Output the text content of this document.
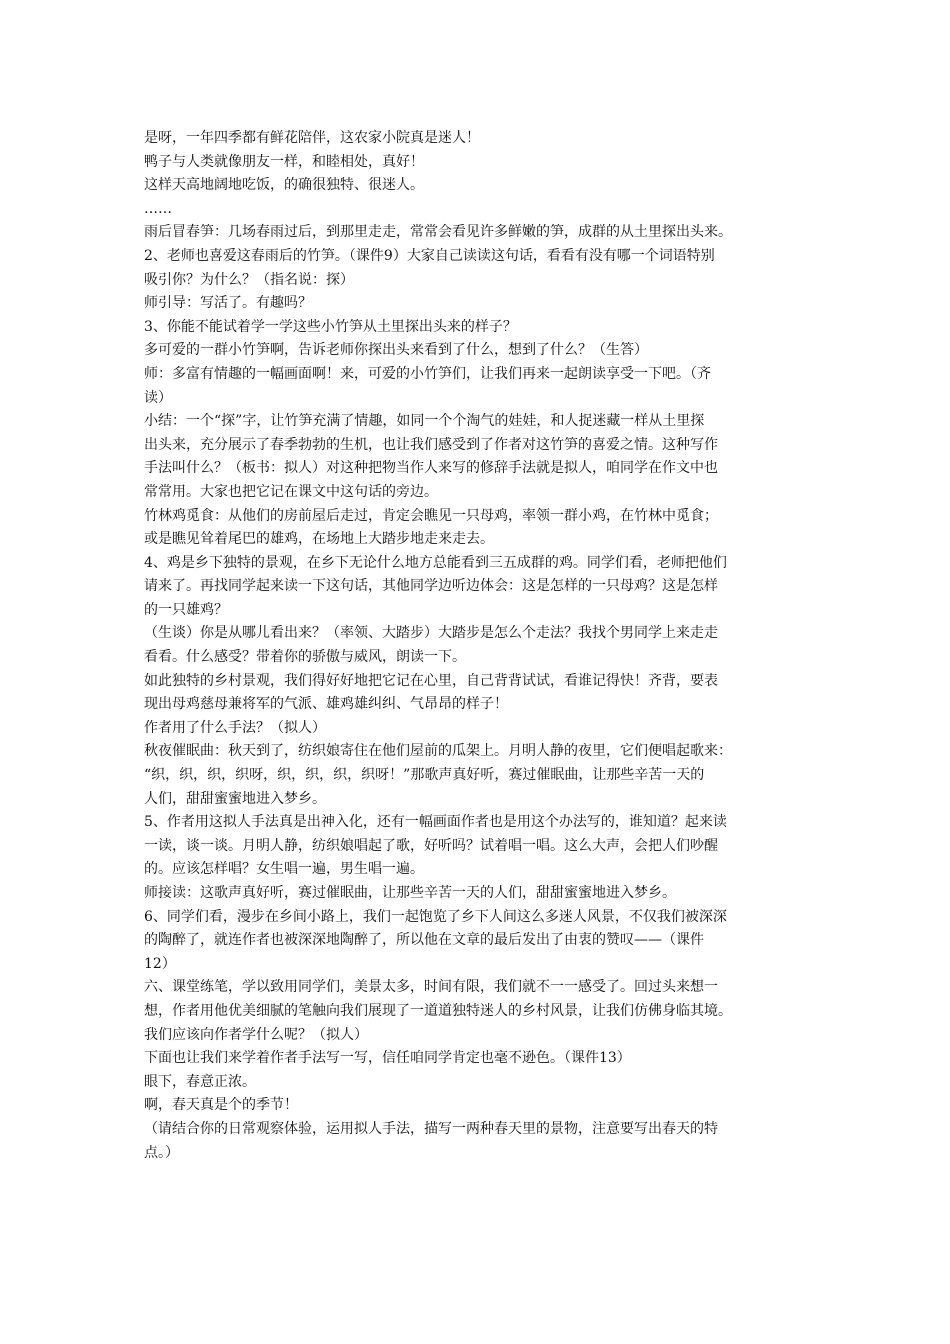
是呀，一年四季都有鲜花陪伴，这农家小院真是迷人！
鸭子与人类就像朋友一样，和睦相处，真好！
这样天高地阔地吃饭，的确很独特、很迷人。
……
雨后冒春笋：几场春雨过后，到那里走走，常常会看见许多鲜嫩的笋，成群的从土里探出头来。
2、老师也喜爱这春雨后的竹笋。（课件9）大家自己读读这句话，看看有没有哪一个词语特别
吸引你？为什么？（指名说：探）
师引导：写活了。有趣吗？
3、你能不能试着学一学这些小竹笋从土里探出头来的样子？
多可爱的一群小竹笋啊，告诉老师你探出头来看到了什么，想到了什么？（生答）
师：多富有情趣的一幅画面啊！来，可爱的小竹笋们，让我们再来一起朗读享受一下吧。（齐
读）
小结：一个“探”字，让竹笋充满了情趣，如同一个个淘气的娃娃，和人捉迷藏一样从土里探
出头来，充分展示了春季勃勃的生机，也让我们感受到了作者对这竹笋的喜爱之情。这种写作
手法叫什么？（板书：拟人）对这种把物当作人来写的修辞手法就是拟人，咱同学在作文中也
常常用。大家也把它记在课文中这句话的旁边。
竹林鸡觅食：从他们的房前屋后走过，肯定会瞧见一只母鸡，率领一群小鸡，在竹林中觅食；
或是瞧见耸着尾巴的雄鸡，在场地上大踏步地走来走去。
4、鸡是乡下独特的景观，在乡下无论什么地方总能看到三五成群的鸡。同学们看，老师把他们
请来了。再找同学起来读一下这句话，其他同学边听边体会：这是怎样的一只母鸡？这是怎样
的一只雄鸡？
（生谈）你是从哪儿看出来？（率领、大踏步）大踏步是怎么个走法？我找个男同学上来走走
看看。什么感受？带着你的骄傲与威风，朗读一下。
如此独特的乡村景观，我们得好好地把它记在心里，自己背背试试，看谁记得快！齐背，要表
现出母鸡慈母兼将军的气派、雄鸡雄纠纠、气昂昂的样子！
作者用了什么手法？（拟人）
秋夜催眠曲：秋天到了，纺织娘寄住在他们屋前的瓜架上。月明人静的夜里，它们便唱起歌来：
“织，织，织，织呀，织，织，织，织呀！”那歌声真好听，赛过催眠曲，让那些辛苦一天的
人们，甜甜蜜蜜地进入梦乡。
5、作者用这拟人手法真是出神入化，还有一幅画面作者也是用这个办法写的，谁知道？起来读
一读，谈一谈。月明人静，纺织娘唱起了歌，好听吗？试着唱一唱。这么大声，会把人们吵醒
的。应该怎样唱？女生唱一遍，男生唱一遍。
师接读：这歌声真好听，赛过催眠曲，让那些辛苦一天的人们，甜甜蜜蜜地进入梦乡。
6、同学们看，漫步在乡间小路上，我们一起饱览了乡下人间这么多迷人风景，不仅我们被深深
的陶醉了，就连作者也被深深地陶醉了，所以他在文章的最后发出了由衷的赞叹——（课件
12）
六、课堂练笔，学以致用同学们，美景太多，时间有限，我们就不一一感受了。回过头来想一
想，作者用他优美细腻的笔触向我们展现了一道道独特迷人的乡村风景，让我们仿佛身临其境。
我们应该向作者学什么呢？（拟人）
下面也让我们来学着作者手法写一写，信任咱同学肯定也毫不逊色。（课件13）
眼下，春意正浓。
啊，春天真是个的季节！
（请结合你的日常观察体验，运用拟人手法，描写一两种春天里的景物，注意要写出春天的特
点。）
